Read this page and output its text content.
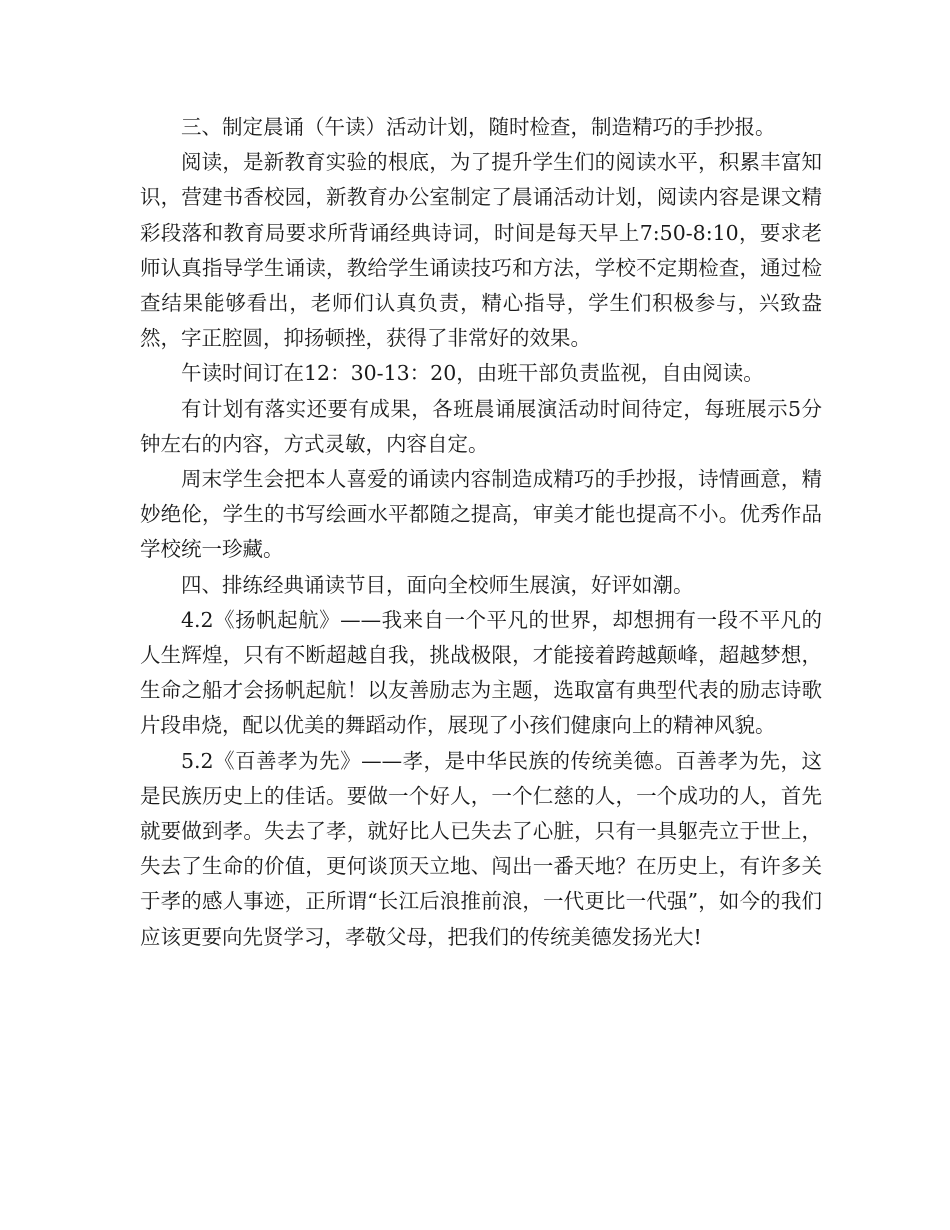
三、制定晨诵（午读）活动计划，随时检查，制造精巧的手抄报。

阅读，是新教育实验的根底，为了提升学生们的阅读水平，积累丰富知识，营建书香校园，新教育办公室制定了晨诵活动计划，阅读内容是课文精彩段落和教育局要求所背诵经典诗词，时间是每天早上7:50-8:10，要求老师认真指导学生诵读，教给学生诵读技巧和方法，学校不定期检查，通过检查结果能够看出，老师们认真负责，精心指导，学生们积极参与，兴致盎然，字正腔圆，抑扬顿挫，获得了非常好的效果。

午读时间订在12：30-13：20，由班干部负责监视，自由阅读。

有计划有落实还要有成果，各班晨诵展演活动时间待定，每班展示5分钟左右的内容，方式灵敏，内容自定。

周末学生会把本人喜爱的诵读内容制造成精巧的手抄报，诗情画意，精妙绝伦，学生的书写绘画水平都随之提高，审美才能也提高不小。优秀作品学校统一珍藏。

四、排练经典诵读节目，面向全校师生展演，好评如潮。

4.2《扬帆起航》——我来自一个平凡的世界，却想拥有一段不平凡的人生辉煌，只有不断超越自我，挑战极限，才能接着跨越颠峰，超越梦想，生命之船才会扬帆起航！以友善励志为主题，选取富有典型代表的励志诗歌片段串烧，配以优美的舞蹈动作，展现了小孩们健康向上的精神风貌。

5.2《百善孝为先》——孝，是中华民族的传统美德。百善孝为先，这是民族历史上的佳话。要做一个好人，一个仁慈的人，一个成功的人，首先就要做到孝。失去了孝，就好比人已失去了心脏，只有一具躯壳立于世上，失去了生命的价值，更何谈顶天立地、闯出一番天地？在历史上，有许多关于孝的感人事迹，正所谓“长江后浪推前浪，一代更比一代强”，如今的我们应该更要向先贤学习，孝敬父母，把我们的传统美德发扬光大!
